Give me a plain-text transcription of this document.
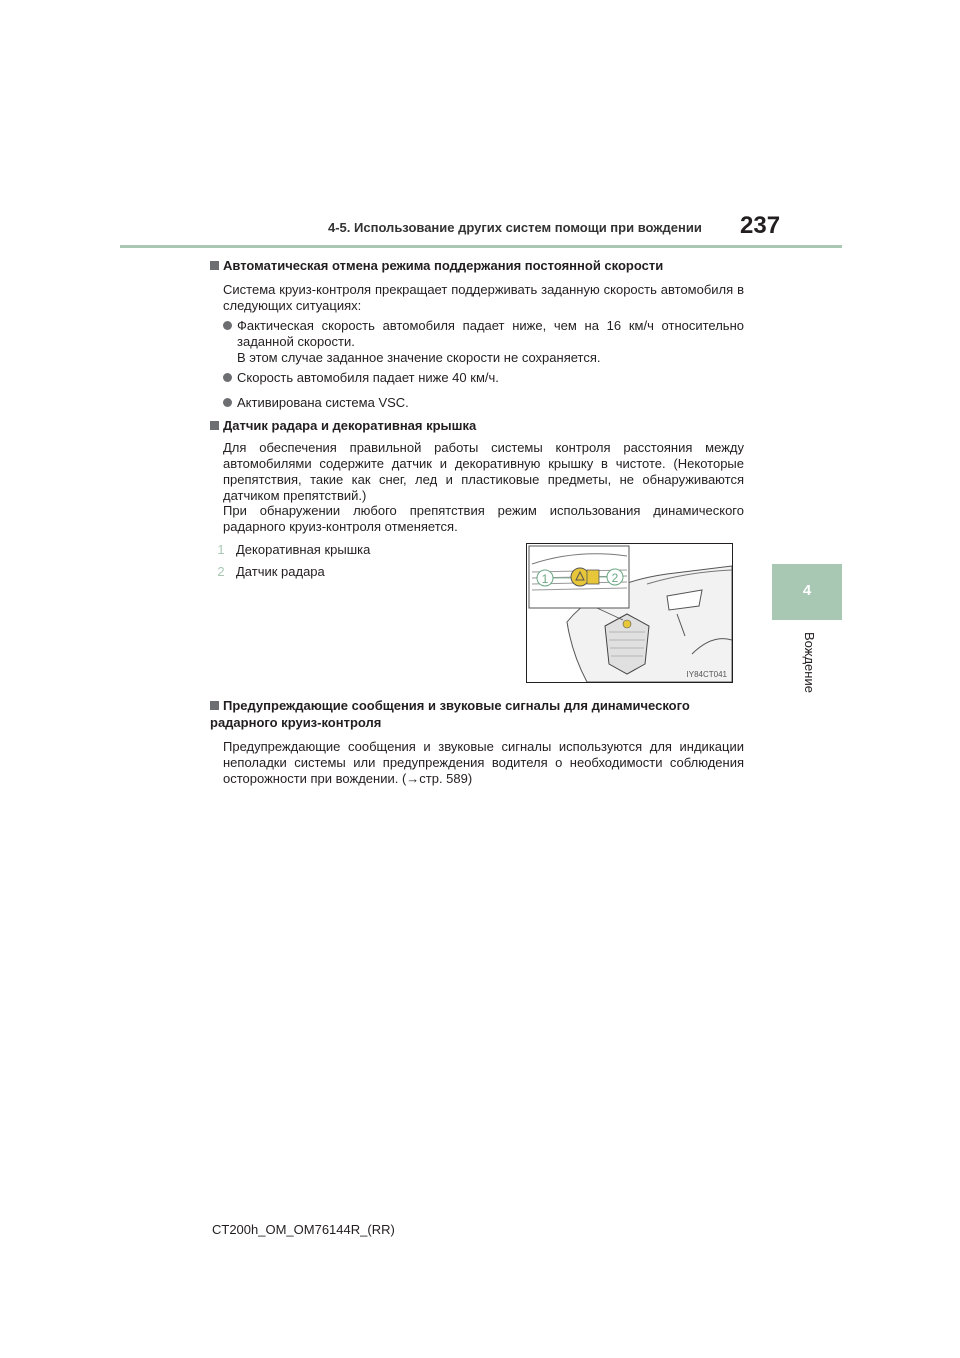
4-5. Использование других систем помощи при вождении 237
4
Вождение
Автоматическая отмена режима поддержания постоянной скорости
Система круиз-контроля прекращает поддерживать заданную скорость автомобиля в следующих ситуациях:
Фактическая скорость автомобиля падает ниже, чем на 16 км/ч относительно заданной скорости.
В этом случае заданное значение скорости не сохраняется.
Скорость автомобиля падает ниже 40 км/ч.
Активирована система VSC.
Датчик радара и декоративная крышка
Для обеспечения правильной работы системы контроля расстояния между автомобилями содержите датчик и декоративную крышку в чистоте. (Некоторые препятствия, такие как снег, лед и пластиковые предметы, не обнаруживаются датчиком препятствий.)
При обнаружении любого препятствия режим использования динамического радарного круиз-контроля отменяется.
1 Декоративная крышка
2 Датчик радара	1	2
IY84CT041
Предупреждающие сообщения и звуковые сигналы для динамического радарного круиз-контроля
Предупреждающие сообщения и звуковые сигналы используются для индикации неполадки системы или предупреждения водителя о необходимости соблюдения осторожности при вождении. (→стр. 589)
CT200h_OM_OM76144R_(RR)
